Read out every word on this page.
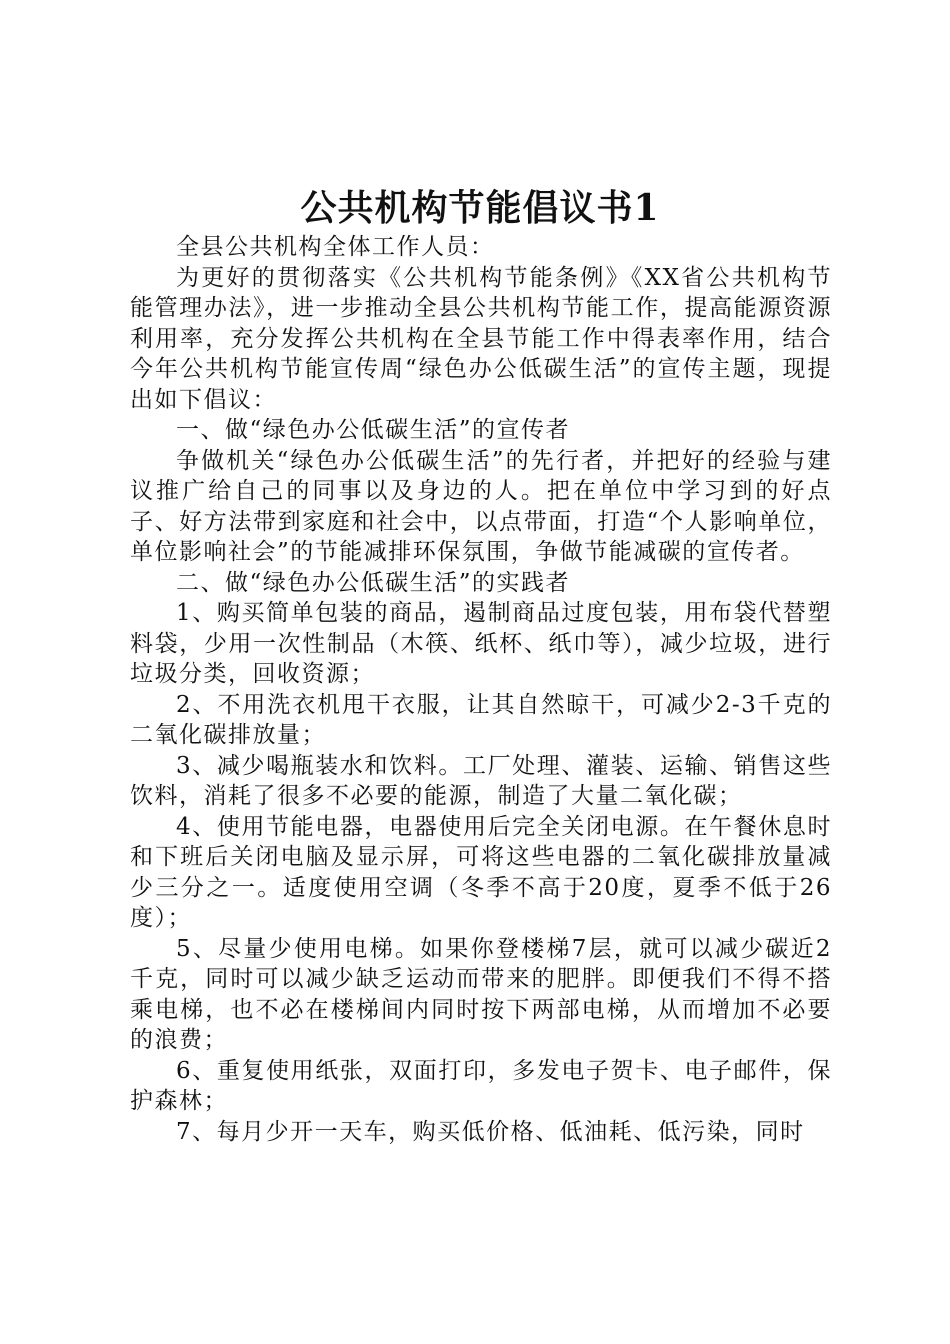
公共机构节能倡议书1

全县公共机构全体工作人员：

为更好的贯彻落实《公共机构节能条例》《XX省公共机构节能管理办法》，进一步推动全县公共机构节能工作，提高能源资源利用率，充分发挥公共机构在全县节能工作中得表率作用，结合今年公共机构节能宣传周“绿色办公低碳生活”的宣传主题，现提出如下倡议：

一、做“绿色办公低碳生活”的宣传者

争做机关“绿色办公低碳生活”的先行者，并把好的经验与建议推广给自己的同事以及身边的人。把在单位中学习到的好点子、好方法带到家庭和社会中，以点带面，打造“个人影响单位，单位影响社会”的节能减排环保氛围，争做节能减碳的宣传者。

二、做“绿色办公低碳生活”的实践者

1、购买简单包装的商品，遏制商品过度包装，用布袋代替塑料袋，少用一次性制品（木筷、纸杯、纸巾等），减少垃圾，进行垃圾分类，回收资源；

2、不用洗衣机甩干衣服，让其自然晾干，可减少2-3千克的二氧化碳排放量；

3、减少喝瓶装水和饮料。工厂处理、灌装、运输、销售这些饮料，消耗了很多不必要的能源，制造了大量二氧化碳；

4、使用节能电器，电器使用后完全关闭电源。在午餐休息时和下班后关闭电脑及显示屏，可将这些电器的二氧化碳排放量减少三分之一。适度使用空调（冬季不高于20度，夏季不低于26度）；

5、尽量少使用电梯。如果你登楼梯7层，就可以减少碳近2千克，同时可以减少缺乏运动而带来的肥胖。即便我们不得不搭乘电梯，也不必在楼梯间内同时按下两部电梯，从而增加不必要的浪费；

6、重复使用纸张，双面打印，多发电子贺卡、电子邮件，保护森林；

7、每月少开一天车，购买低价格、低油耗、低污染，同时
